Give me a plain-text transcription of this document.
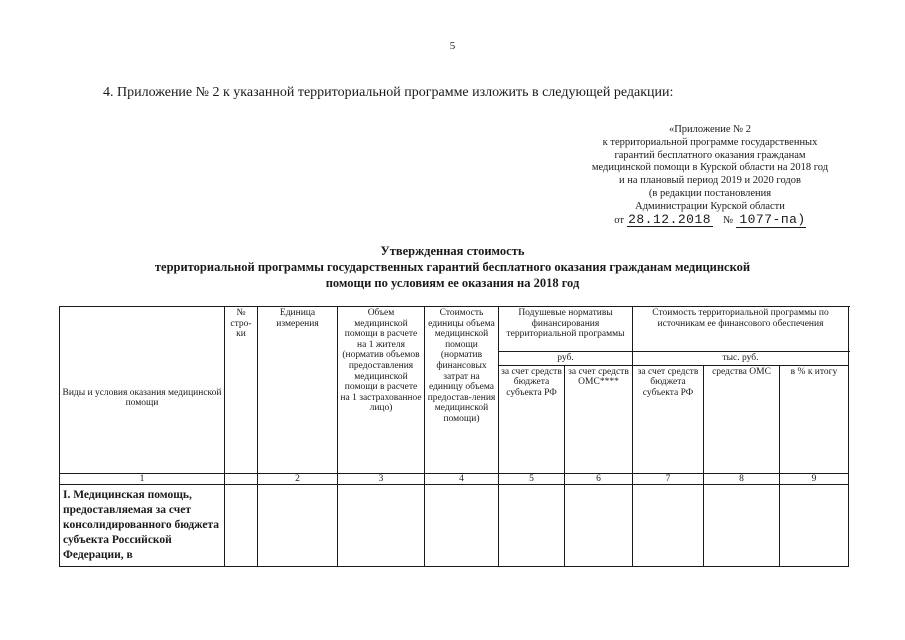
5
4. Приложение № 2 к указанной территориальной программе изложить в следующей редакции:
«Приложение № 2
к территориальной программе государственных
гарантий бесплатного оказания гражданам
медицинской помощи в Курской области на 2018 год
и на плановый период 2019 и 2020 годов
(в редакции постановления
Администрации Курской области
от 28.12.2018 № 1077-па)
Утвержденная стоимость
территориальной программы государственных гарантий бесплатного оказания гражданам медицинской
помощи по условиям ее оказания на 2018 год
Виды и условия оказания медицинской помощи	№ стро-ки	Единица измерения	Объем медицинской помощи в расчете на 1 жителя (норматив объемов предоставления медицинской помощи в расчете на 1 застрахованное лицо)	Стоимость единицы объема медицинской помощи (норматив финансовых затрат на единицу объема предостав-ления медицинской помощи)	Подушевые нормативы финансирования территориальной программы		Стоимость территориальной программы по источникам ее финансового обеспечения			
					руб.		тыс. руб.			
					за счет средств бюджета субъекта РФ	за счет средств ОМС****	за счет средств бюджета субъекта РФ	средства ОМС	в % к итогу	
1		2	3	4	5	6	7	8	9	
I. Медицинская помощь, предоставляемая за счет консолидированного бюджета субъекта Российской Федерации, в										
